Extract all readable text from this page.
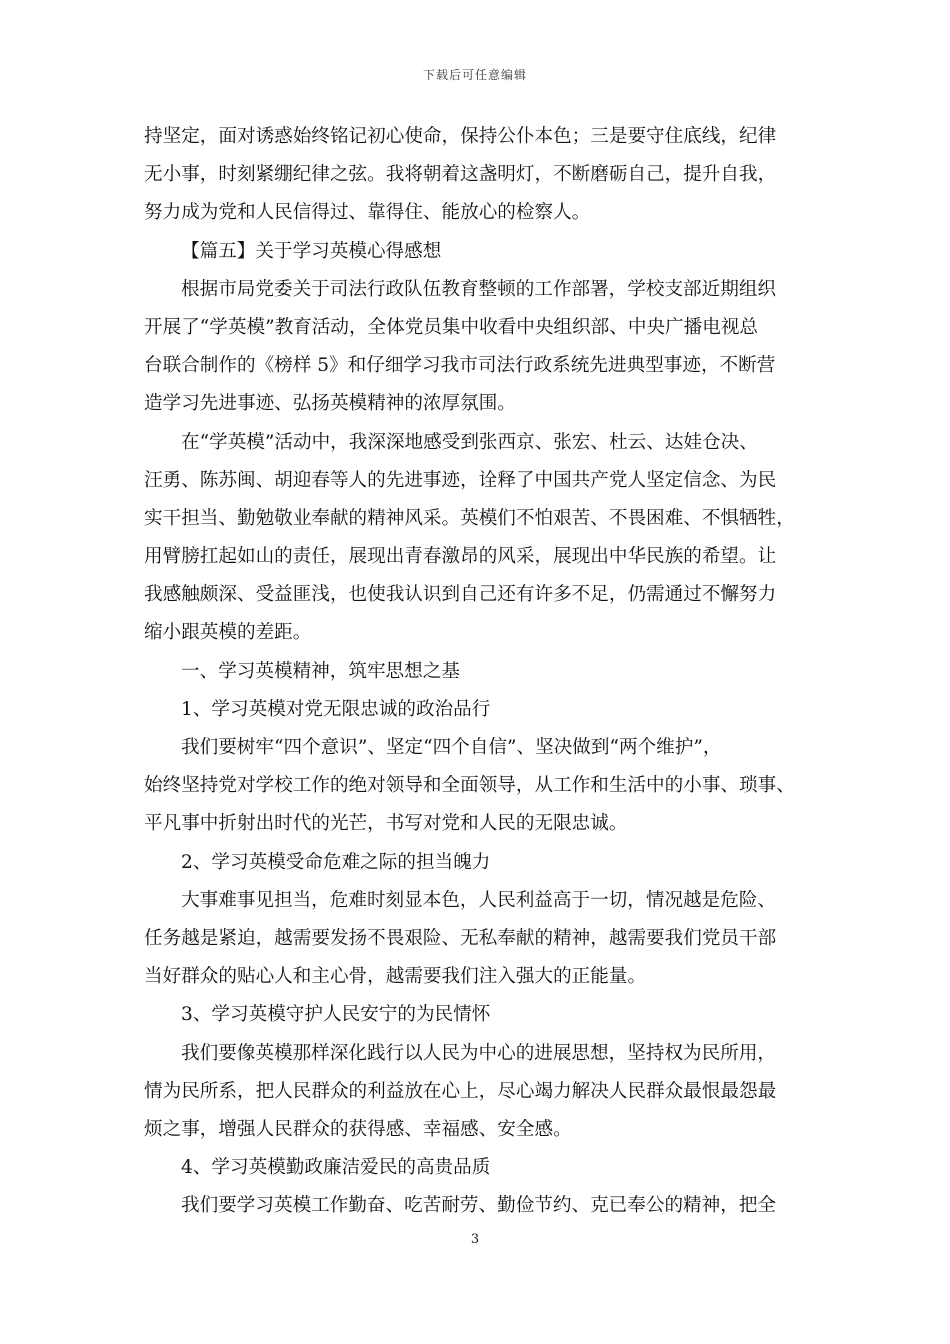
下载后可任意编辑
持坚定，面对诱惑始终铭记初心使命，保持公仆本色；三是要守住底线，纪律
无小事，时刻紧绷纪律之弦。我将朝着这盏明灯，不断磨砺自己，提升自我，
努力成为党和人民信得过、靠得住、能放心的检察人。
【篇五】关于学习英模心得感想
根据市局党委关于司法行政队伍教育整顿的工作部署，学校支部近期组织
开展了“学英模”教育活动，全体党员集中收看中央组织部、中央广播电视总
台联合制作的《榜样 5》和仔细学习我市司法行政系统先进典型事迹，不断营
造学习先进事迹、弘扬英模精神的浓厚氛围。
在“学英模”活动中，我深深地感受到张西京、张宏、杜云、达娃仓决、
汪勇、陈苏闽、胡迎春等人的先进事迹，诠释了中国共产党人坚定信念、为民
实干担当、勤勉敬业奉献的精神风采。英模们不怕艰苦、不畏困难、不惧牺牲，
用臂膀扛起如山的责任，展现出青春激昂的风采，展现出中华民族的希望。让
我感触颇深、受益匪浅，也使我认识到自己还有许多不足，仍需通过不懈努力
缩小跟英模的差距。
一、学习英模精神，筑牢思想之基
1、学习英模对党无限忠诚的政治品行
我们要树牢“四个意识”、坚定“四个自信”、坚决做到“两个维护”，
始终坚持党对学校工作的绝对领导和全面领导，从工作和生活中的小事、琐事、
平凡事中折射出时代的光芒，书写对党和人民的无限忠诚。
2、学习英模受命危难之际的担当魄力
大事难事见担当，危难时刻显本色，人民利益高于一切，情况越是危险、
任务越是紧迫，越需要发扬不畏艰险、无私奉献的精神，越需要我们党员干部
当好群众的贴心人和主心骨，越需要我们注入强大的正能量。
3、学习英模守护人民安宁的为民情怀
我们要像英模那样深化践行以人民为中心的进展思想，坚持权为民所用，
情为民所系，把人民群众的利益放在心上，尽心竭力解决人民群众最恨最怨最
烦之事，增强人民群众的获得感、幸福感、安全感。
4、学习英模勤政廉洁爱民的高贵品质
我们要学习英模工作勤奋、吃苦耐劳、勤俭节约、克已奉公的精神，把全
3
